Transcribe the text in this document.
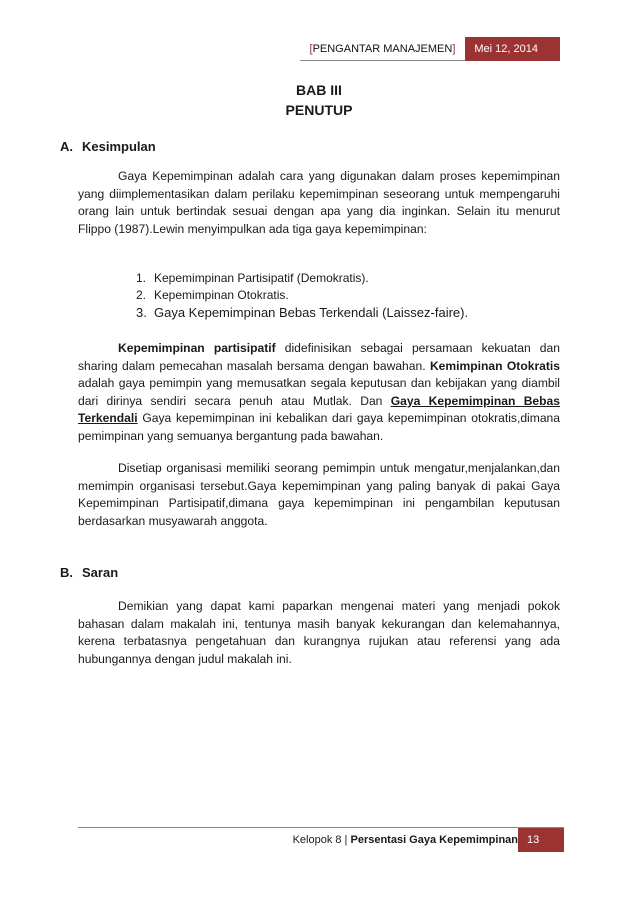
[PENGANTAR MANAJEMEN]	Mei 12, 2014
BAB III
PENUTUP
A. Kesimpulan

Gaya Kepemimpinan adalah cara yang digunakan dalam proses kepemimpinan yang diimplementasikan dalam perilaku kepemimpinan seseorang untuk mempengaruhi orang lain untuk bertindak sesuai dengan apa yang dia inginkan. Selain itu menurut Flippo (1987).Lewin menyimpulkan ada tiga gaya kepemimpinan:

1. Kepemimpinan Partisipatif (Demokratis).
2. Kepemimpinan Otokratis.
3. Gaya Kepemimpinan Bebas Terkendali (Laissez-faire).

Kepemimpinan partisipatif didefinisikan sebagai persamaan kekuatan dan sharing dalam pemecahan masalah bersama dengan bawahan. Kemimpinan Otokratis adalah gaya pemimpin yang memusatkan segala keputusan dan kebijakan yang diambil dari dirinya sendiri secara penuh atau Mutlak. Dan Gaya Kepemimpinan Bebas Terkendali Gaya kepemimpinan ini kebalikan dari gaya kepemimpinan otokratis,dimana pemimpinan yang semuanya bergantung pada bawahan.

Disetiap organisasi memiliki seorang pemimpin untuk mengatur,menjalankan,dan memimpin organisasi tersebut.Gaya kepemimpinan yang paling banyak di pakai Gaya Kepemimpinan Partisipatif,dimana gaya kepemimpinan ini pengambilan keputusan berdasarkan musyawarah anggota.

B. Saran

Demikian yang dapat kami paparkan mengenai materi yang menjadi pokok bahasan dalam makalah ini, tentunya masih banyak kekurangan dan kelemahannya, kerena terbatasnya pengetahuan dan kurangnya rujukan atau referensi yang ada hubungannya dengan judul makalah ini.

Kelopok 8 | Persentasi Gaya Kepemimpinan 13
